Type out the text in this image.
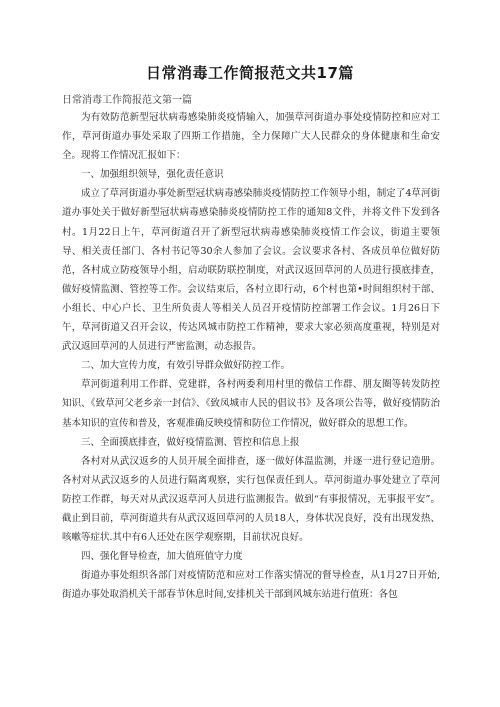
日常消毒工作简报范文共17篇
日常消毒工作简报范文第一篇

为有效防范新型冠状病毒感染肺炎疫情输入，加强草河街道办事处疫情防控和应对工作，草河街道办事处采取了四斯工作措施，全力保障广大人民群众的身体健康和生命安全。现将工作情况汇报如下：

一、加强组织领导，强化责任意识

成立了草河街道办事处新型冠状病毒感染肺炎疫情防控工作领导小组，制定了4草河街道办事处关于做好新型冠状病毒感染肺炎疫情防控工作的通知8文件，并将文件下发到各村。1月22日上午，草河街道召开了新型冠状病毒感染肺炎疫情工作会议，街道主要领导、相关责任部门、各村书记等30余人参加了会议。会议要求各村、各成员单位做好防范，各村成立防疫领导小组，启动联防联控制度，对武汉返回草河的人员进行摸底排查，做好疫情监测、管控等工作。会议结束后，各村立即行动，6个村也第•时间组织村干部、小组长、中心户长、卫生所负责人等相关人员召开疫情防控部署工作会议。1月26日下午，草河街道又召开会议，传达风城市防控工作精神，要求大家必须高度重视，特别是对武汉返回草河的人员进行严密监测，动态报告。

二、加大宣传力度，有效引导群众做好防控工作。

草河街道利用工作群、党建群，各村两委利用村里的微信工作群、朋友圈等转发防控知识、《致草河父老乡亲一封信》、《致凤城市人民的倡议书》及各项公告等，做好疫情防治基本知识的宣传和普及，客观准确反映疫情和防位工作情况，做好群众的思想工作。

三、全面摸底排查，做好疫情监测、管控和信息上报

各村对从武汉返乡的人员开展全面排查，逐一做好体温监测，并逐一进行登记造册。各村对从武汉返乡的人员进行隔离观察，实行包保责任到人。草河街道办事处建立了草河防控工作群，每天对从武汉返草河人员进行监测报告。做到“有事报情况，无事报平安”。截止到目前，草河街道共有从武汉返回草河的人员18人，身体状况良好，没有出现发热、咳嗽等症状.其中有6人还处在医学观察期，目前状况良好。

四、强化督导检查，加大值班值守力度

街道办事处组织各部门对疫情防范和应对工作落实情况的督导检查，从1月27日开始,街道办事处取消机关干部春节休息时间,安排机关干部到风城东站进行值班：各包
